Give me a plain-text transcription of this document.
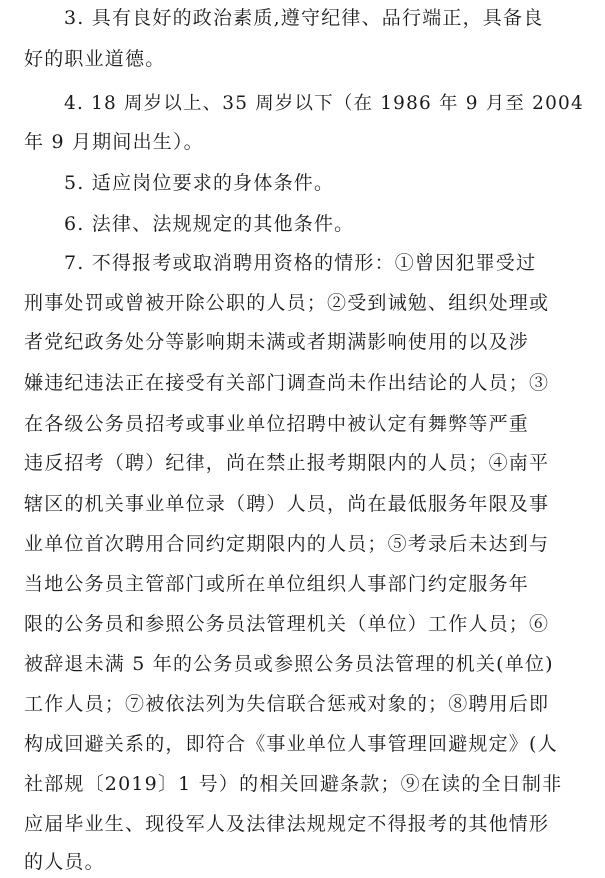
3. 具有良好的政治素质,遵守纪律、品行端正，具备良
好的职业道德。
4. 18 周岁以上、35 周岁以下（在 1986 年 9 月至 2004
年 9 月期间出生）。
5. 适应岗位要求的身体条件。
6. 法律、法规规定的其他条件。
7. 不得报考或取消聘用资格的情形：①曾因犯罪受过
刑事处罚或曾被开除公职的人员；②受到诫勉、组织处理或
者党纪政务处分等影响期未满或者期满影响使用的以及涉
嫌违纪违法正在接受有关部门调查尚未作出结论的人员；③
在各级公务员招考或事业单位招聘中被认定有舞弊等严重
违反招考（聘）纪律，尚在禁止报考期限内的人员；④南平
辖区的机关事业单位录（聘）人员，尚在最低服务年限及事
业单位首次聘用合同约定期限内的人员；⑤考录后未达到与
当地公务员主管部门或所在单位组织人事部门约定服务年
限的公务员和参照公务员法管理机关（单位）工作人员；⑥
被辞退未满 5 年的公务员或参照公务员法管理的机关(单位)
工作人员；⑦被依法列为失信联合惩戒对象的；⑧聘用后即
构成回避关系的，即符合《事业单位人事管理回避规定》(人
社部规〔2019〕1 号）的相关回避条款；⑨在读的全日制非
应届毕业生、现役军人及法律法规规定不得报考的其他情形
的人员。
